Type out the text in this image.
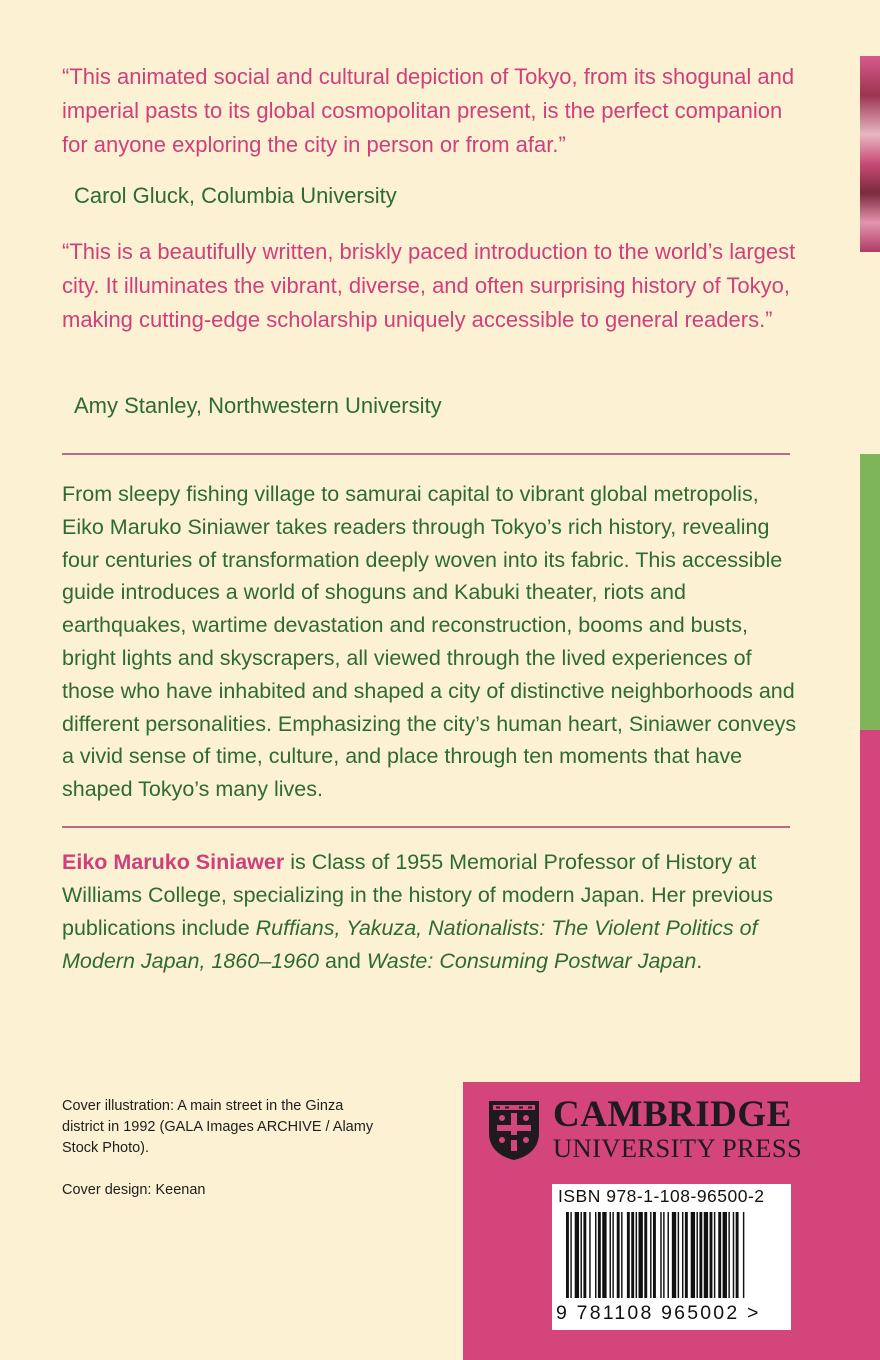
“This animated social and cultural depiction of Tokyo, from its shogunal and imperial pasts to its global cosmopolitan present, is the perfect companion for anyone exploring the city in person or from afar.”

Carol Gluck, Columbia University

“This is a beautifully written, briskly paced introduction to the world’s largest city. It illuminates the vibrant, diverse, and often surprising history of Tokyo, making cutting-edge scholarship uniquely accessible to general readers.”

Amy Stanley, Northwestern University

From sleepy fishing village to samurai capital to vibrant global metropolis, Eiko Maruko Siniawer takes readers through Tokyo’s rich history, revealing four centuries of transformation deeply woven into its fabric. This accessible guide introduces a world of shoguns and Kabuki theater, riots and earthquakes, wartime devastation and reconstruction, booms and busts, bright lights and skyscrapers, all viewed through the lived experiences of those who have inhabited and shaped a city of distinctive neighborhoods and different personalities. Emphasizing the city’s human heart, Siniawer conveys a vivid sense of time, culture, and place through ten moments that have shaped Tokyo’s many lives.

Eiko Maruko Siniawer is Class of 1955 Memorial Professor of History at Williams College, specializing in the history of modern Japan. Her previous publications include Ruffians, Yakuza, Nationalists: The Violent Politics of Modern Japan, 1860–1960 and Waste: Consuming Postwar Japan.

Cover illustration: A main street in the Ginza district in 1992 (GALA Images ARCHIVE / Alamy Stock Photo).

Cover design: Keenan

CAMBRIDGE
UNIVERSITY PRESS

ISBN 978-1-108-96500-2
9 781108 965002 >
